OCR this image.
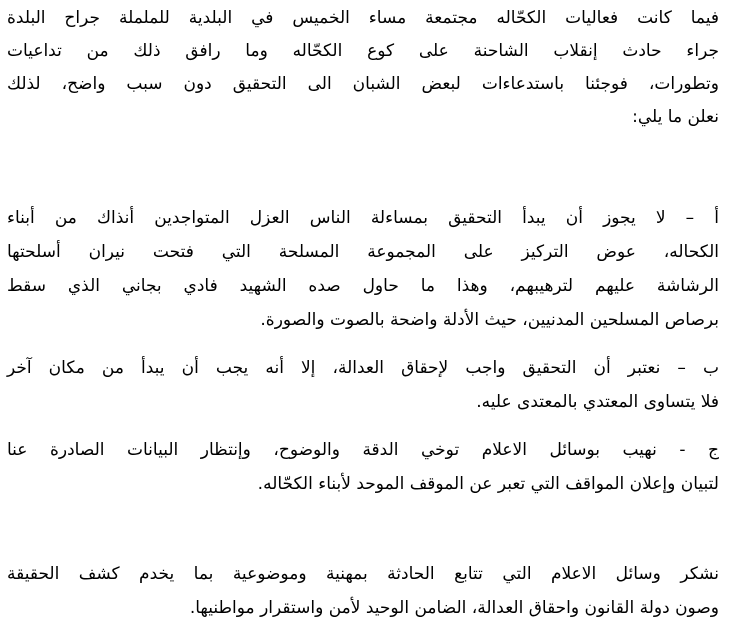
فيما كانت فعاليات الكحّاله مجتمعة مساء الخميس في البلدية للململة جراح البلدة
جراء حادث إنقلاب الشاحنة على كوع الكحّاله وما رافق ذلك من تداعيات
وتطورات، فوجئنا باستدعاءات لبعض الشبان الى التحقيق دون سبب واضح، لذلك
نعلن ما يلي:
أ – لا يجوز أن يبدأ التحقيق بمساءلة الناس العزل المتواجدين أنذاك من أبناء
الكحاله، عوض التركيز على المجموعة المسلحة التي فتحت نيران أسلحتها
الرشاشة عليهم لترهيبهم، وهذا ما حاول صده الشهيد فادي بجاني الذي سقط
برصاص المسلحين المدنيين، حيث الأدلة واضحة بالصوت والصورة.
ب – نعتبر أن التحقيق واجب لإحقاق العدالة، إلا أنه يجب أن يبدأ من مكان آخر
فلا يتساوى المعتدي بالمعتدى عليه.
ج - نهيب بوسائل الاعلام توخي الدقة والوضوح، وإنتظار البيانات الصادرة عنا
لتبيان وإعلان المواقف التي تعبر عن الموقف الموحد لأبناء الكحّاله.
نشكر وسائل الاعلام التي تتابع الحادثة بمهنية وموضوعية بما يخدم كشف الحقيقة
وصون دولة القانون واحقاق العدالة، الضامن الوحيد لأمن واستقرار مواطنيها.
